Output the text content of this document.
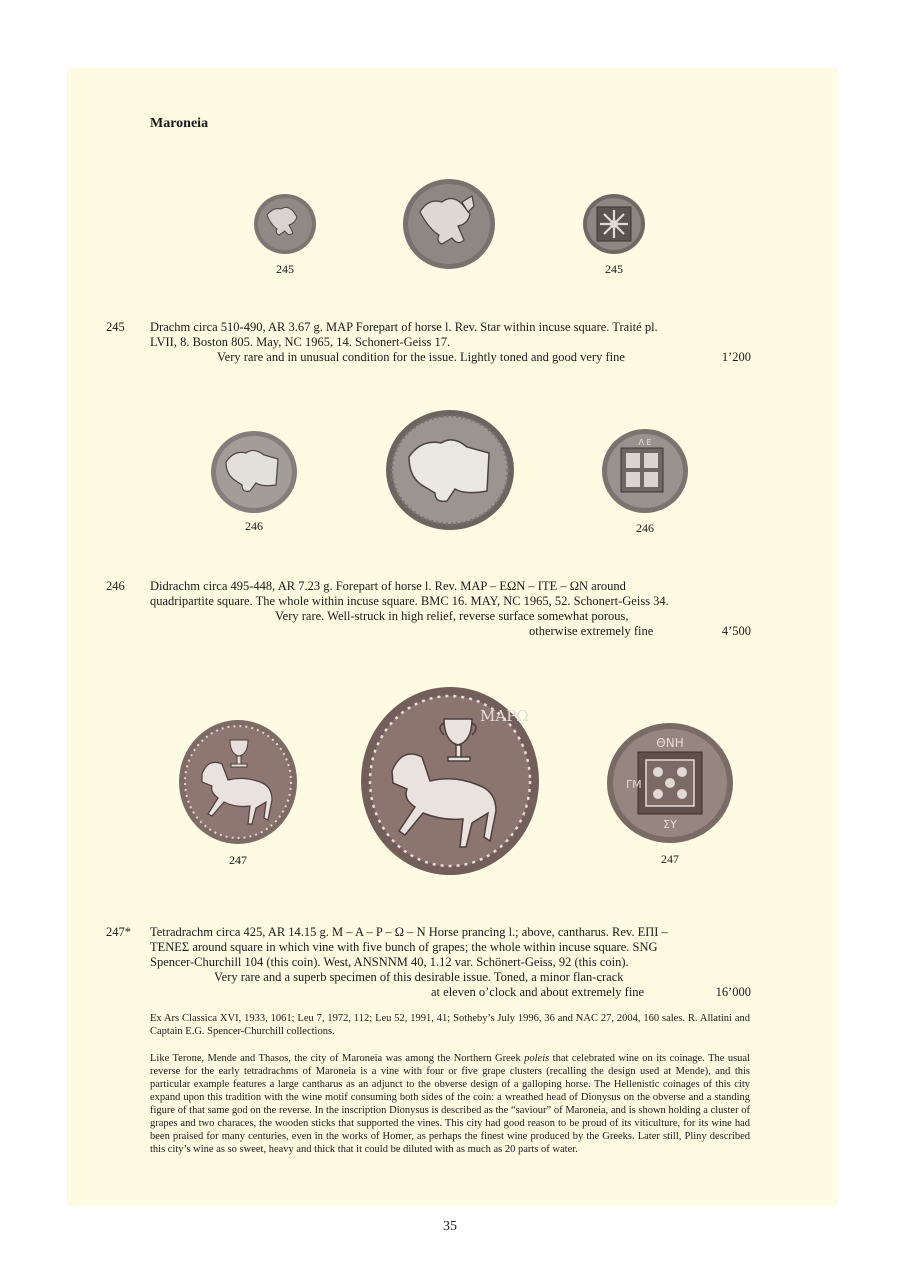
Maroneia
245	245
245 Drachm circa 510-490, AR 3.67 g. MAP Forepart of horse l. Rev. Star within incuse square. Traité pl.
LVII, 8. Boston 805. May, NC 1965, 14. Schonert-Geiss 17.
Very rare and in unusual condition for the issue. Lightly toned and good very fine	1’200
Λ E
246	246
246 Didrachm circa 495-448, AR 7.23 g. Forepart of horse l. Rev. MAP – EΩN – ITE – ΩN around
quadripartite square. The whole within incuse square. BMC 16. MAY, NC 1965, 52. Schonert-Geiss 34.
Very rare. Well-struck in high relief, reverse surface somewhat porous,
otherwise extremely fine	4’500
MAPΩ
ΘNH
ΓM
ΣΥ
247	247
247* Tetradrachm circa 425, AR 14.15 g. M – A – P – Ω – N Horse prancing l.; above, cantharus. Rev. EΠI –
TENEΣ around square in which vine with five bunch of grapes; the whole within incuse square. SNG
Spencer-Churchill 104 (this coin). West, ANSNNM 40, 1.12 var. Schönert-Geiss, 92 (this coin).
Very rare and a superb specimen of this desirable issue. Toned, a minor flan-crack
at eleven o’clock and about extremely fine	16’000
Ex Ars Classica XVI, 1933, 1061; Leu 7, 1972, 112; Leu 52, 1991, 41; Sotheby’s July 1996, 36 and NAC 27, 2004, 160 sales. R. Allatini and Captain E.G. Spencer-Churchill collections.
Like Terone, Mende and Thasos, the city of Maroneia was among the Northern Greek poleis that celebrated wine on its coinage. The usual reverse for the early tetradrachms of Maroneia is a vine with four or five grape clusters (recalling the design used at Mende), and this particular example features a large cantharus as an adjunct to the obverse design of a galloping horse. The Hellenistic coinages of this city expand upon this tradition with the wine motif consuming both sides of the coin: a wreathed head of Dionysus on the obverse and a standing figure of that same god on the reverse. In the inscription Dionysus is described as the “saviour” of Maroneia, and is shown holding a cluster of grapes and two characes, the wooden sticks that supported the vines. This city had good reason to be proud of its viticulture, for its wine had been praised for many centuries, even in the works of Homer, as perhaps the finest wine produced by the Greeks. Later still, Pliny described this city’s wine as so sweet, heavy and thick that it could be diluted with as much as 20 parts of water.
35
